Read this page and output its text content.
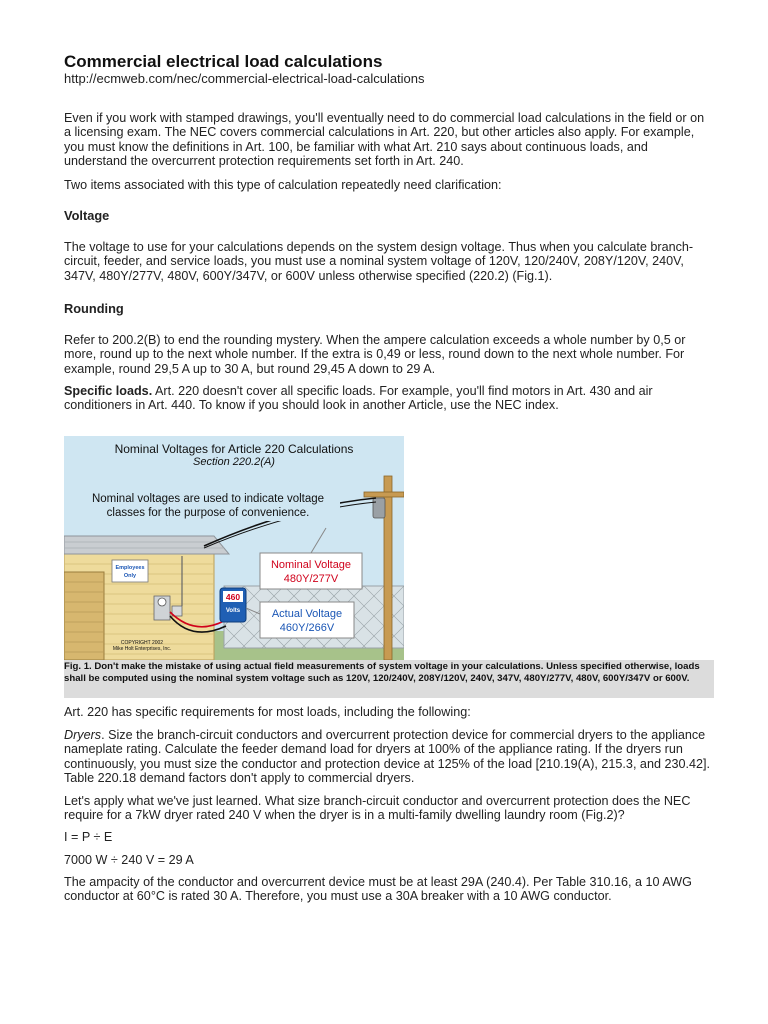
Commercial electrical load calculations
http://ecmweb.com/nec/commercial-electrical-load-calculations

Even if you work with stamped drawings, you'll eventually need to do commercial load calculations in the field or on a licensing exam. The NEC covers commercial calculations in Art. 220, but other articles also apply. For example, you must know the definitions in Art. 100, be familiar with what Art. 210 says about continuous loads, and understand the overcurrent protection requirements set forth in Art. 240.

Two items associated with this type of calculation repeatedly need clarification:

Voltage

The voltage to use for your calculations depends on the system design voltage. Thus when you calculate branch-circuit, feeder, and service loads, you must use a nominal system voltage of 120V, 120/240V, 208Y/120V, 240V, 347V, 480Y/277V, 480V, 600Y/347V, or 600V unless otherwise specified (220.2) (Fig.1).

Rounding

Refer to 200.2(B) to end the rounding mystery. When the ampere calculation exceeds a whole number by 0,5 or more, round up to the next whole number. If the extra is 0,49 or less, round down to the next whole number. For example, round 29,5 A up to 30 A, but round 29,45 A down to 29 A.

Specific loads. Art. 220 doesn't cover all specific loads. For example, you'll find motors in Art. 430 and air conditioners in Art. 440. To know if you should look in another Article, use the NEC index.

Employees
Only
460
Volts
Nominal Voltages for Article 220 Calculations
Section 220.2(A)
Nominal voltages are used to indicate voltage
classes for the purpose of convenience.
Nominal Voltage
480Y/277V
Actual Voltage
460Y/266V
COPYRIGHT 2002
Mike Holt Enterprises, Inc.

Fig. 1. Don't make the mistake of using actual field measurements of system voltage in your calculations. Unless specified otherwise, loads shall be computed using the nominal system voltage such as 120V, 120/240V, 208Y/120V, 240V, 347V, 480Y/277V, 480V, 600Y/347V or 600V.

Art. 220 has specific requirements for most loads, including the following:

Dryers. Size the branch-circuit conductors and overcurrent protection device for commercial dryers to the appliance nameplate rating. Calculate the feeder demand load for dryers at 100% of the appliance rating. If the dryers run continuously, you must size the conductor and protection device at 125% of the load [210.19(A), 215.3, and 230.42]. Table 220.18 demand factors don't apply to commercial dryers.

Let's apply what we've just learned. What size branch-circuit conductor and overcurrent protection does the NEC require for a 7kW dryer rated 240 V when the dryer is in a multi-family dwelling laundry room (Fig.2)?

I = P ÷ E

7000 W ÷ 240 V = 29 A

The ampacity of the conductor and overcurrent device must be at least 29A (240.4). Per Table 310.16, a 10 AWG conductor at 60°C is rated 30 A. Therefore, you must use a 30A breaker with a 10 AWG conductor.
